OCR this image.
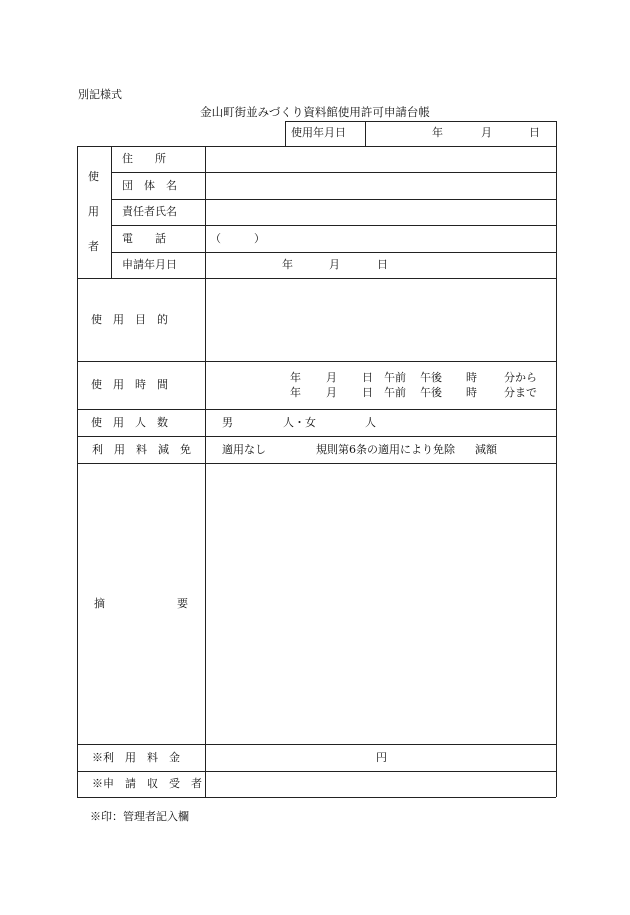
別記様式
金山町街並みづくり資料館使用許可申請台帳
使用年月日	年	月	日
使
用
者
住　　所
団　体　名
責任者氏名
電　　話	（　　　）
申請年月日	年	月	日
使　用　目　的
使　用　時　間
年 月 日 午前 午後 時 分から
年 月 日 午前 午後 時 分まで
使　用　人　数	男	人・女	人
利　用　料　減　免	適用なし	規則第6条の適用により免除 減額
摘	要
※利　用　料　金	円
※申　請　収　受　者
※印：管理者記入欄
